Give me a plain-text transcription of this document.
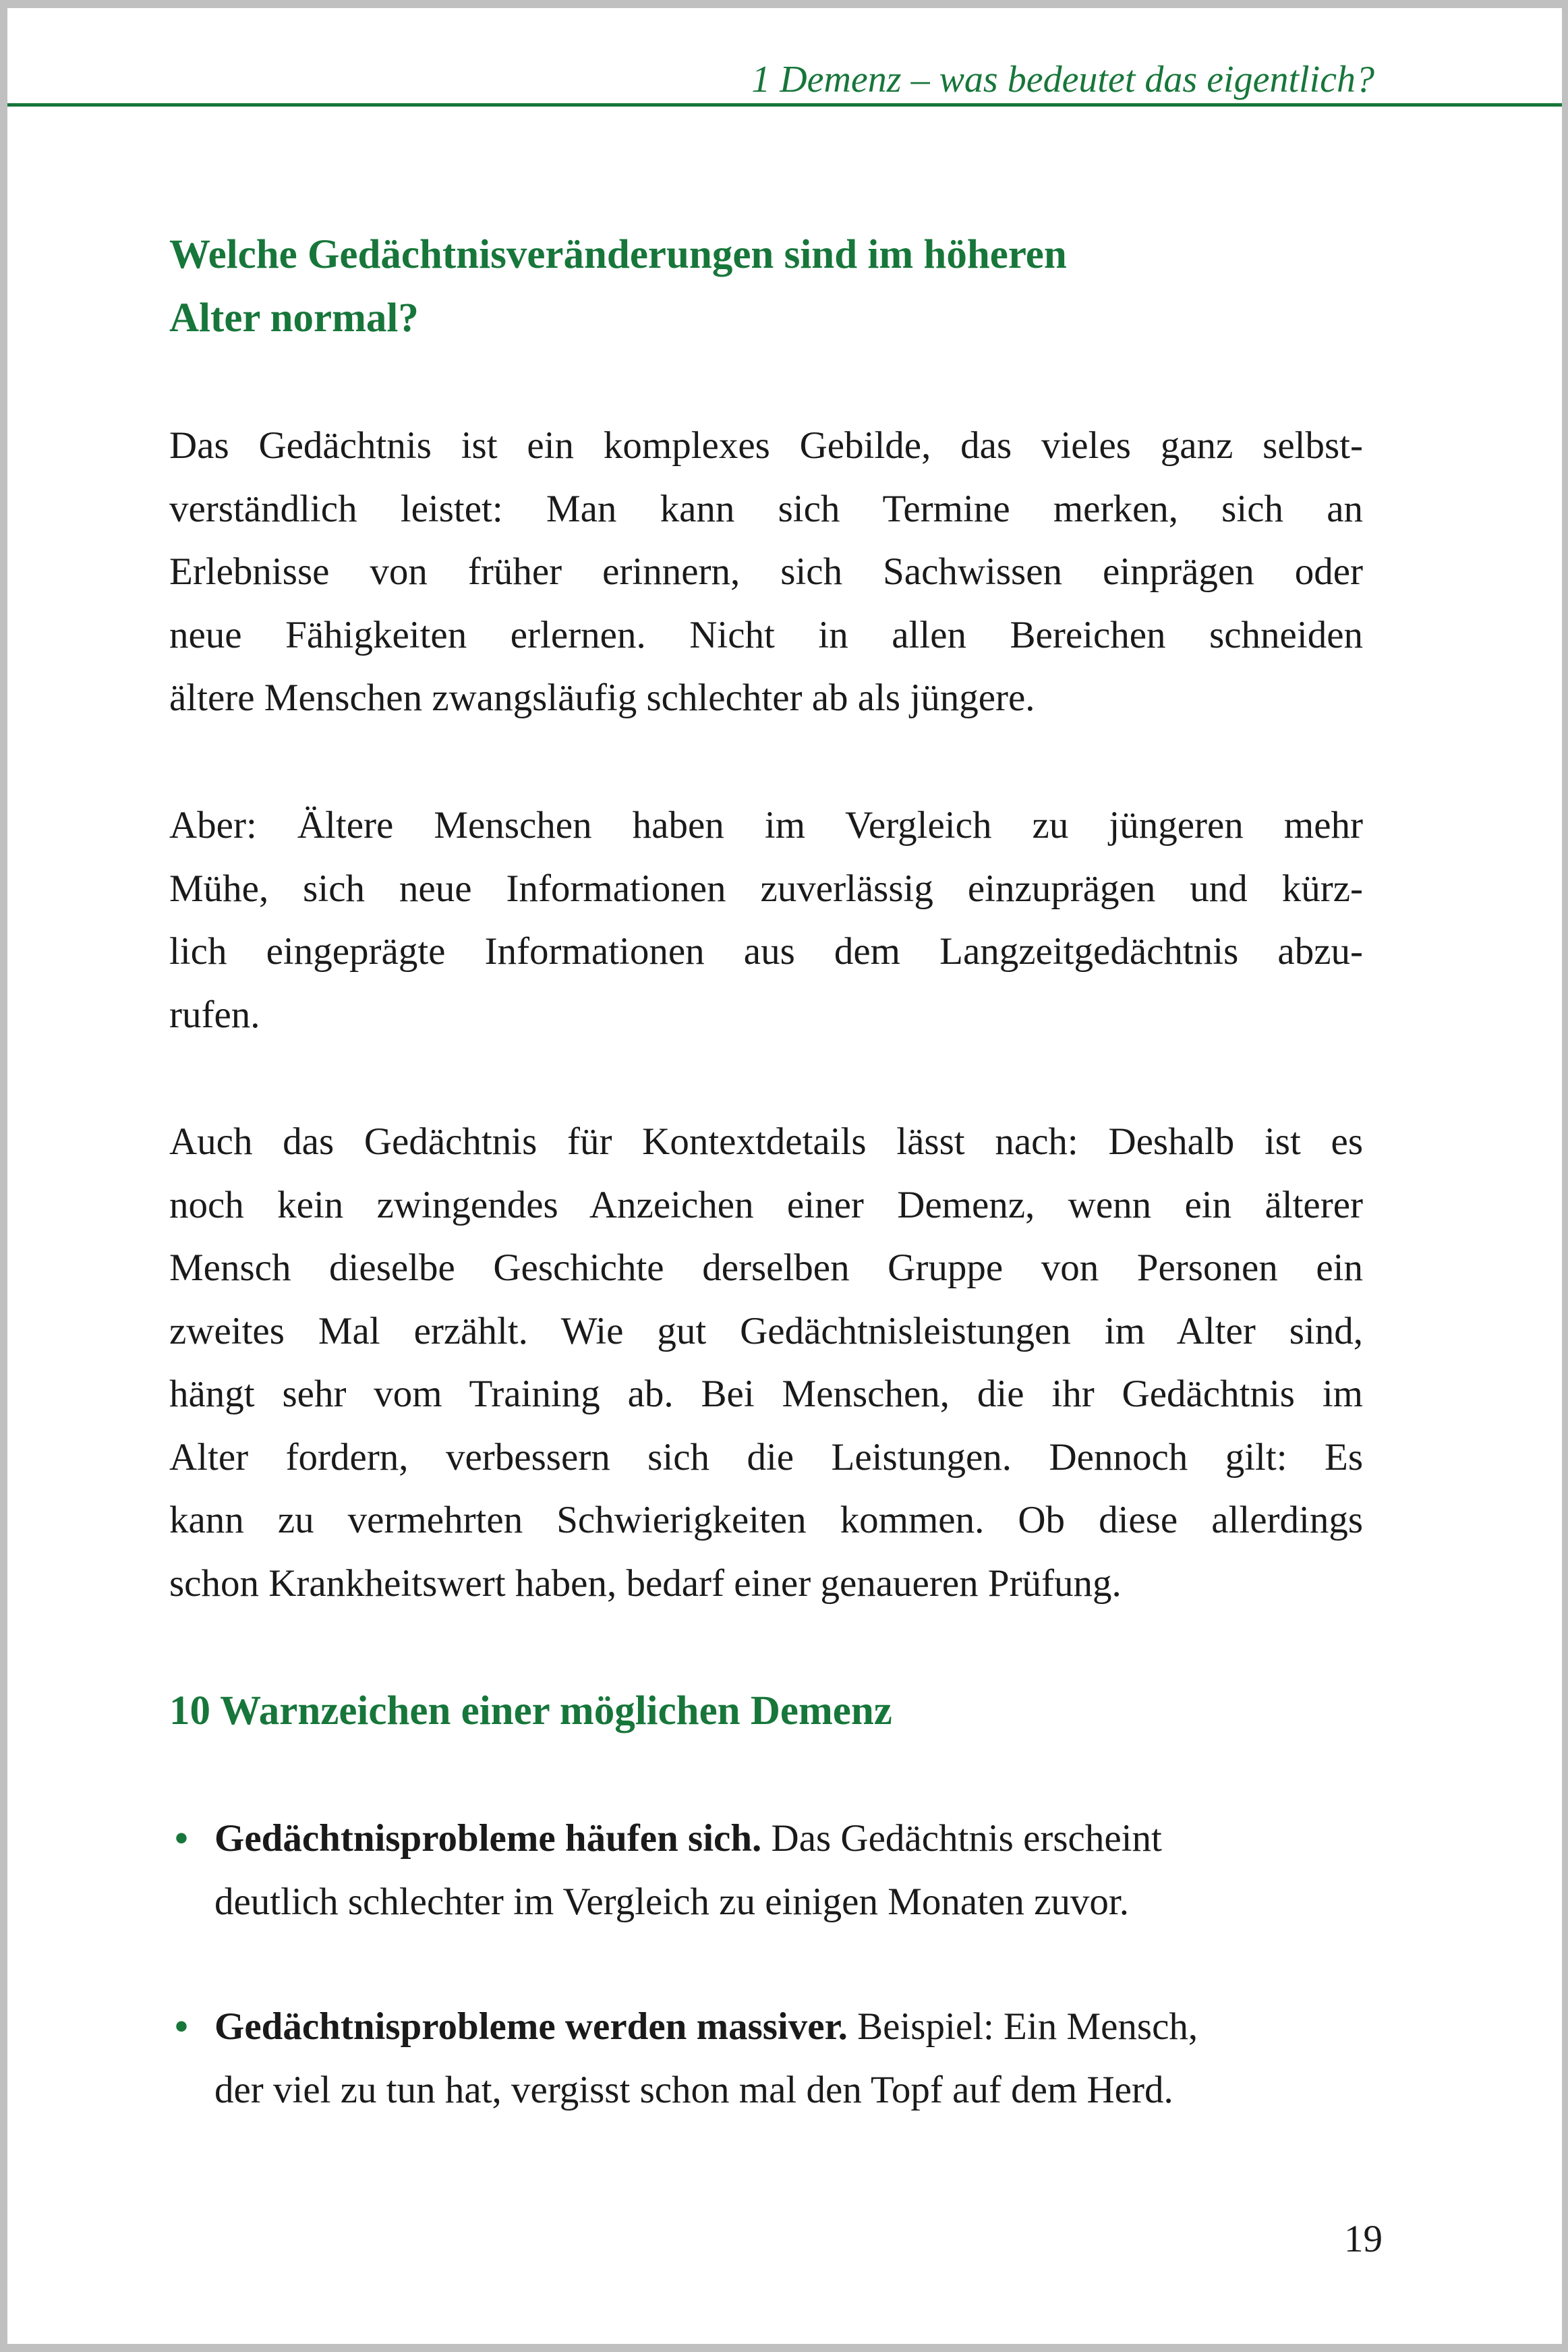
1 Demenz – was bedeutet das eigentlich?
Welche Gedächtnisveränderungen sind im höheren
Alter normal?
Das Gedächtnis ist ein komplexes Gebilde, das vieles ganz selbst-
verständlich leistet: Man kann sich Termine merken, sich an
Erlebnisse von früher erinnern, sich Sachwissen einprägen oder
neue Fähigkeiten erlernen. Nicht in allen Bereichen schneiden
ältere Menschen zwangsläufig schlechter ab als jüngere.
Aber: Ältere Menschen haben im Vergleich zu jüngeren mehr
Mühe, sich neue Informationen zuverlässig einzuprägen und kürz-
lich eingeprägte Informationen aus dem Langzeitgedächtnis abzu-
rufen.
Auch das Gedächtnis für Kontextdetails lässt nach: Deshalb ist es
noch kein zwingendes Anzeichen einer Demenz, wenn ein älterer
Mensch dieselbe Geschichte derselben Gruppe von Personen ein
zweites Mal erzählt. Wie gut Gedächtnisleistungen im Alter sind,
hängt sehr vom Training ab. Bei Menschen, die ihr Gedächtnis im
Alter fordern, verbessern sich die Leistungen. Dennoch gilt: Es
kann zu vermehrten Schwierigkeiten kommen. Ob diese allerdings
schon Krankheitswert haben, bedarf einer genaueren Prüfung.
10 Warnzeichen einer möglichen Demenz
• Gedächtnisprobleme häufen sich. Das Gedächtnis erscheint
deutlich schlechter im Vergleich zu einigen Monaten zuvor.
• Gedächtnisprobleme werden massiver. Beispiel: Ein Mensch,
der viel zu tun hat, vergisst schon mal den Topf auf dem Herd.
19
